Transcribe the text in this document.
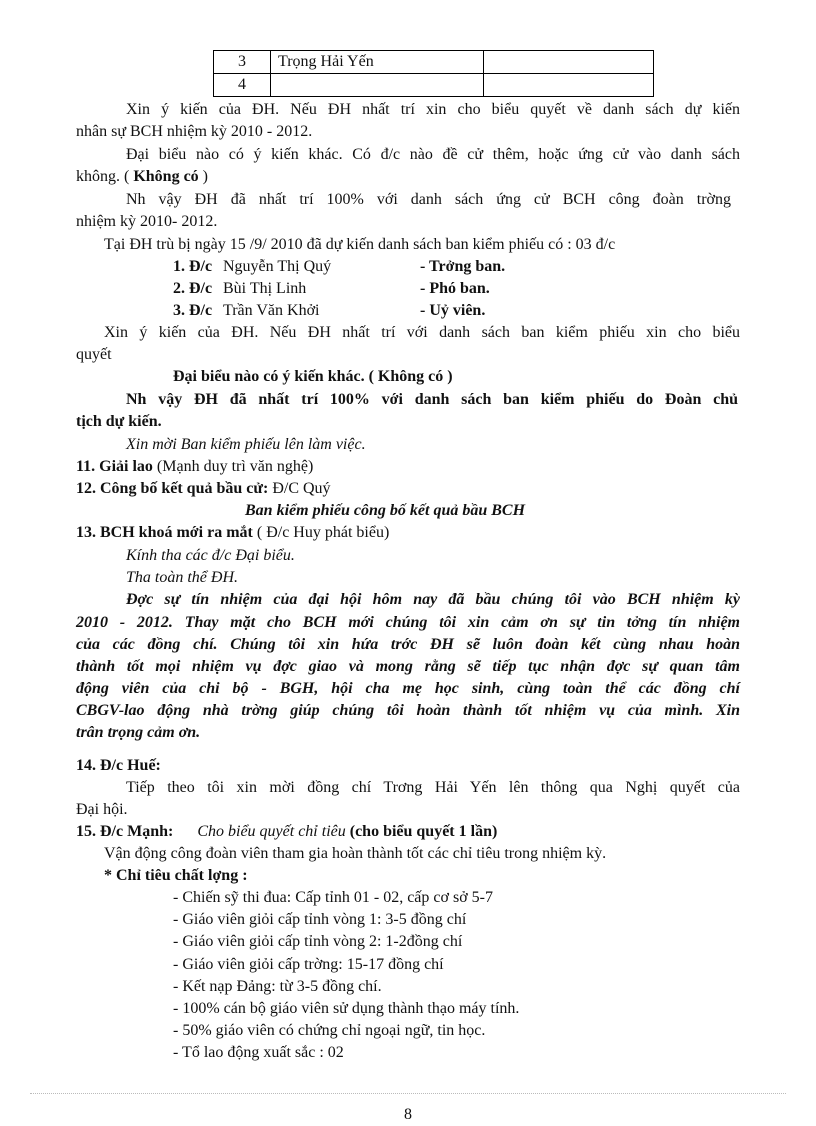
3	Trọng Hải Yến	
4		
Xin ý kiến của ĐH. Nếu ĐH nhất trí xin cho biểu quyết về danh sách dự kiến
nhân sự BCH nhiệm kỳ 2010 - 2012.
Đại biểu nào có ý kiến khác. Có đ/c nào đề cử thêm, hoặc ứng cử vào danh sách
không. ( Không có )
Nh vậy ĐH đã nhất trí 100% với danh sách ứng cử BCH công đoàn trờng
nhiệm kỳ 2010- 2012.
Tại ĐH trù bị ngày 15 /9/ 2010 đã dự kiến danh sách ban kiểm phiếu có : 03 đ/c
1. Đ/c Nguyễn Thị Quý	- Trởng ban.
2. Đ/c Bùi Thị Linh	- Phó ban.
3. Đ/c Trần Văn Khởi	- Uỷ viên.
Xin ý kiến của ĐH. Nếu ĐH nhất trí với danh sách ban kiểm phiếu xin cho biểu
quyết
Đại biểu nào có ý kiến khác. ( Không có )
Nh vậy ĐH đã nhất trí 100% với danh sách ban kiểm phiếu do Đoàn chủ
tịch dự kiến.
Xin mời Ban kiểm phiếu lên làm việc.
11. Giải lao (Mạnh duy trì văn nghệ)
12. Công bố kết quả bầu cử: Đ/C Quý
Ban kiểm phiếu công bố kết quả bầu BCH
13. BCH khoá mới ra mắt ( Đ/c Huy phát biểu)
Kính tha các đ/c Đại biểu.
Tha toàn thể ĐH.
Đợc sự tín nhiệm của đại hội hôm nay đã bầu chúng tôi vào BCH nhiệm kỳ
2010 - 2012. Thay mặt cho BCH mới chúng tôi xin cảm ơn sự tin tởng tín nhiệm
của các đồng chí. Chúng tôi xin hứa trớc ĐH sẽ luôn đoàn kết cùng nhau hoàn
thành tốt mọi nhiệm vụ đợc giao và mong rằng sẽ tiếp tục nhận đợc sự quan tâm
động viên của chi bộ - BGH, hội cha mẹ học sinh, cùng toàn thể các đồng chí
CBGV-lao động nhà trờng giúp chúng tôi hoàn thành tốt nhiệm vụ của mình. Xin
trân trọng cảm ơn.
14. Đ/c Huế:
Tiếp theo tôi xin mời đồng chí Trơng Hải Yến lên thông qua Nghị quyết của
Đại hội.
15. Đ/c Mạnh: Cho biểu quyết chỉ tiêu (cho biểu quyết 1 lần)
Vận động công đoàn viên tham gia hoàn thành tốt các chỉ tiêu trong nhiệm kỳ.
* Chỉ tiêu chất lợng :
- Chiến sỹ thi đua: Cấp tỉnh 01 - 02, cấp cơ sở 5-7
- Giáo viên giỏi cấp tỉnh vòng 1: 3-5 đồng chí
- Giáo viên giỏi cấp tỉnh vòng 2: 1-2đồng chí
- Giáo viên giỏi cấp trờng: 15-17 đồng chí
- Kết nạp Đảng: từ 3-5 đồng chí.
- 100% cán bộ giáo viên sử dụng thành thạo máy tính.
- 50% giáo viên có chứng chỉ ngoại ngữ, tin học.
- Tổ lao động xuất sắc : 02
8
